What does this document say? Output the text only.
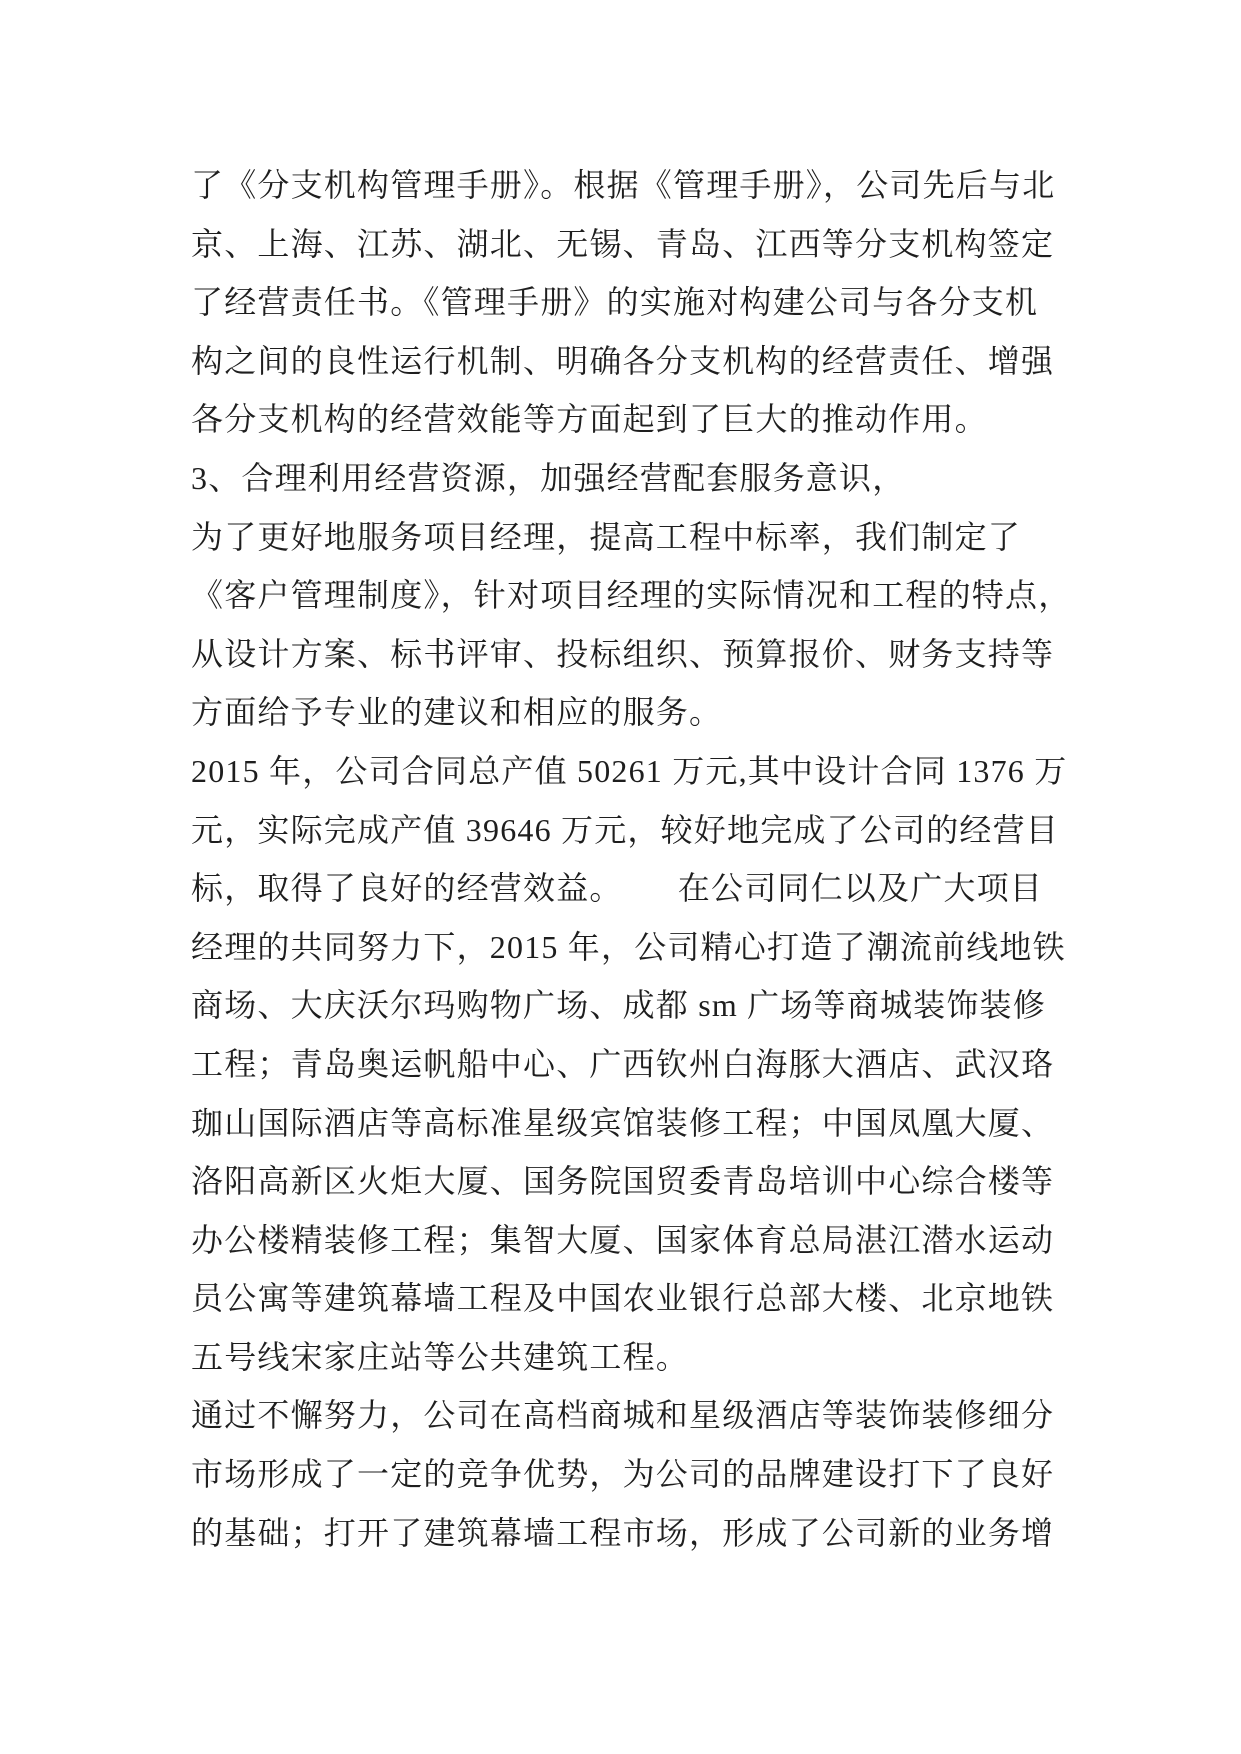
了《分支机构管理手册》。根据《管理手册》，公司先后与北
京、上海、江苏、湖北、无锡、青岛、江西等分支机构签定
了经营责任书。《管理手册》的实施对构建公司与各分支机
构之间的良性运行机制、明确各分支机构的经营责任、增强
各分支机构的经营效能等方面起到了巨大的推动作用。
3、合理利用经营资源，加强经营配套服务意识，
为了更好地服务项目经理，提高工程中标率，我们制定了
《客户管理制度》，针对项目经理的实际情况和工程的特点，
从设计方案、标书评审、投标组织、预算报价、财务支持等
方面给予专业的建议和相应的服务。
2015 年，公司合同总产值 50261 万元,其中设计合同 1376 万
元，实际完成产值 39646 万元，较好地完成了公司的经营目
标，取得了良好的经营效益。      在公司同仁以及广大项目
经理的共同努力下，2015 年，公司精心打造了潮流前线地铁
商场、大庆沃尔玛购物广场、成都 sm 广场等商城装饰装修
工程；青岛奥运帆船中心、广西钦州白海豚大酒店、武汉珞
珈山国际酒店等高标准星级宾馆装修工程；中国凤凰大厦、
洛阳高新区火炬大厦、国务院国贸委青岛培训中心综合楼等
办公楼精装修工程；集智大厦、国家体育总局湛江潜水运动
员公寓等建筑幕墙工程及中国农业银行总部大楼、北京地铁
五号线宋家庄站等公共建筑工程。
通过不懈努力，公司在高档商城和星级酒店等装饰装修细分
市场形成了一定的竞争优势，为公司的品牌建设打下了良好
的基础；打开了建筑幕墙工程市场，形成了公司新的业务增
